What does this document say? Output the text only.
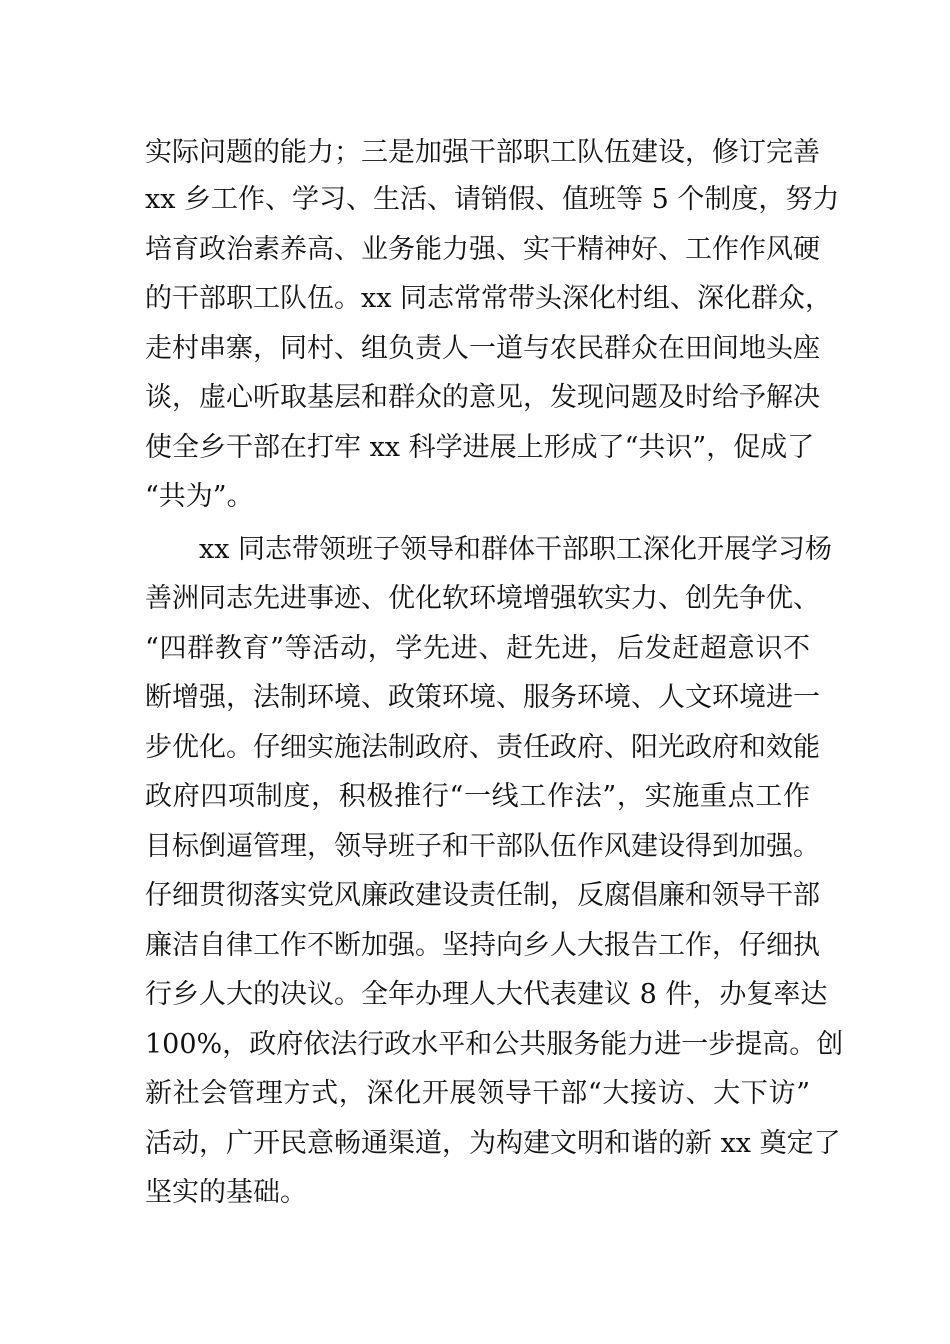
实际问题的能力；三是加强干部职工队伍建设，修订完善
xx 乡工作、学习、生活、请销假、值班等 5 个制度，努力
培育政治素养高、业务能力强、实干精神好、工作作风硬
的干部职工队伍。xx 同志常常带头深化村组、深化群众，
走村串寨，同村、组负责人一道与农民群众在田间地头座
谈，虚心听取基层和群众的意见，发现问题及时给予解决
使全乡干部在打牢 xx 科学进展上形成了“共识”，促成了
“共为”。
xx 同志带领班子领导和群体干部职工深化开展学习杨
善洲同志先进事迹、优化软环境增强软实力、创先争优、
“四群教育”等活动，学先进、赶先进，后发赶超意识不
断增强，法制环境、政策环境、服务环境、人文环境进一
步优化。仔细实施法制政府、责任政府、阳光政府和效能
政府四项制度，积极推行“一线工作法”，实施重点工作
目标倒逼管理，领导班子和干部队伍作风建设得到加强。
仔细贯彻落实党风廉政建设责任制，反腐倡廉和领导干部
廉洁自律工作不断加强。坚持向乡人大报告工作，仔细执
行乡人大的决议。全年办理人大代表建议 8 件，办复率达
100%，政府依法行政水平和公共服务能力进一步提高。创
新社会管理方式，深化开展领导干部“大接访、大下访”
活动，广开民意畅通渠道，为构建文明和谐的新 xx 奠定了
坚实的基础。
